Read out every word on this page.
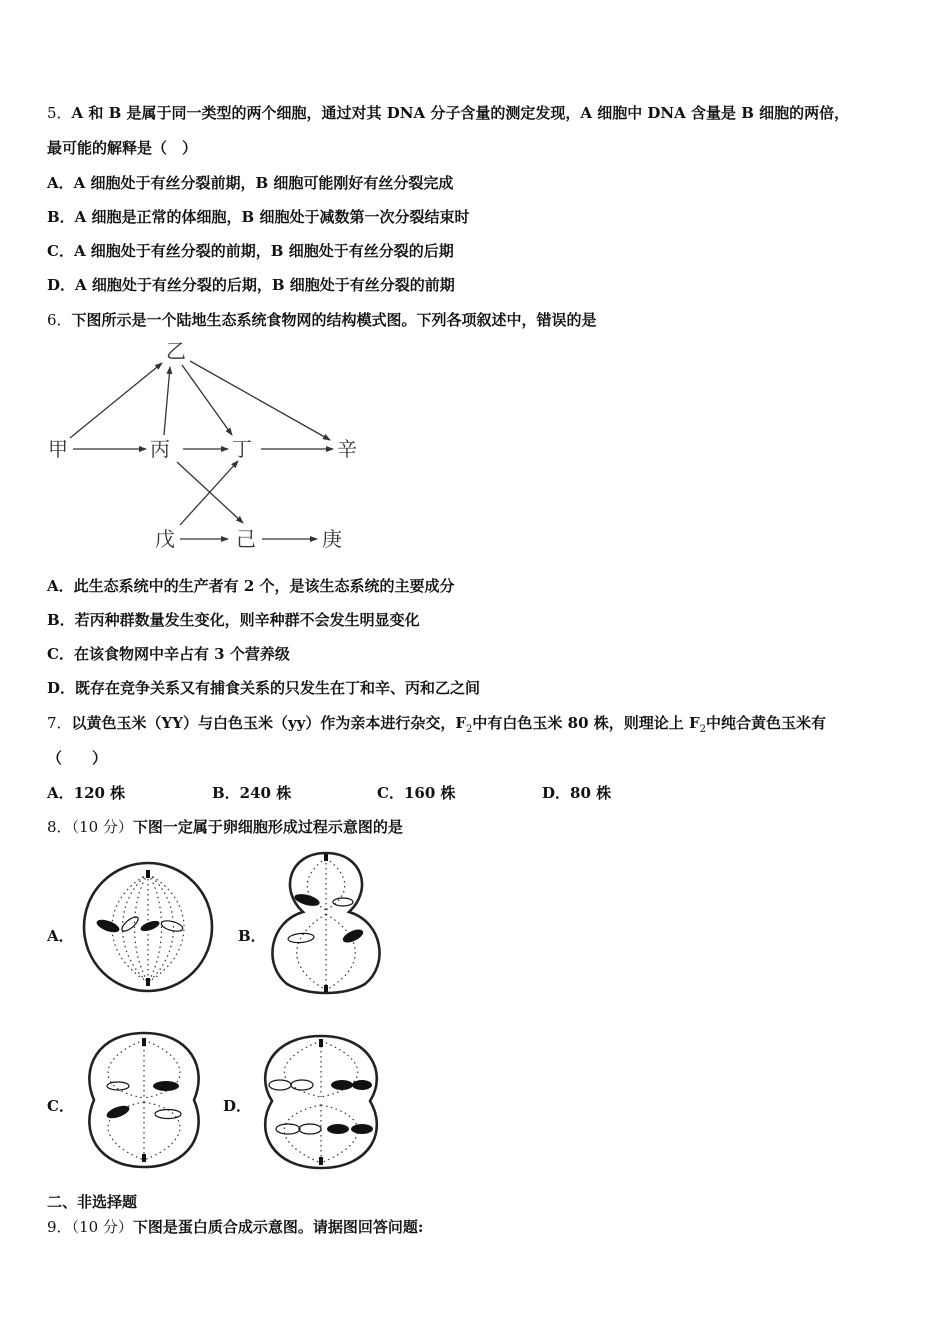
5．A 和 B 是属于同一类型的两个细胞，通过对其 DNA 分子含量的测定发现，A 细胞中 DNA 含量是 B 细胞的两倍，
最可能的解释是（　）
A．A 细胞处于有丝分裂前期，B 细胞可能刚好有丝分裂完成
B．A 细胞是正常的体细胞，B 细胞处于减数第一次分裂结束时
C．A 细胞处于有丝分裂的前期，B 细胞处于有丝分裂的后期
D．A 细胞处于有丝分裂的后期，B 细胞处于有丝分裂的前期
6．下图所示是一个陆地生态系统食物网的结构模式图。下列各项叙述中，错误的是
乙
甲	丙	丁	辛
戊	己	庚
A．此生态系统中的生产者有 2 个，是该生态系统的主要成分
B．若丙种群数量发生变化，则辛种群不会发生明显变化
C．在该食物网中辛占有 3 个营养级
D．既存在竞争关系又有捕食关系的只发生在丁和辛、丙和乙之间
7．以黄色玉米（YY）与白色玉米（yy）作为亲本进行杂交，$F_2$中有白色玉米 80 株，则理论上 $F_2$中纯合黄色玉米有
（　　）
A．120 株	B．240 株	C．160 株	D．80 株
8．（10 分）下图一定属于卵细胞形成过程示意图的是
A．	B．
C．	D．
二、非选择题
9．（10 分）下图是蛋白质合成示意图。请据图回答问题:
